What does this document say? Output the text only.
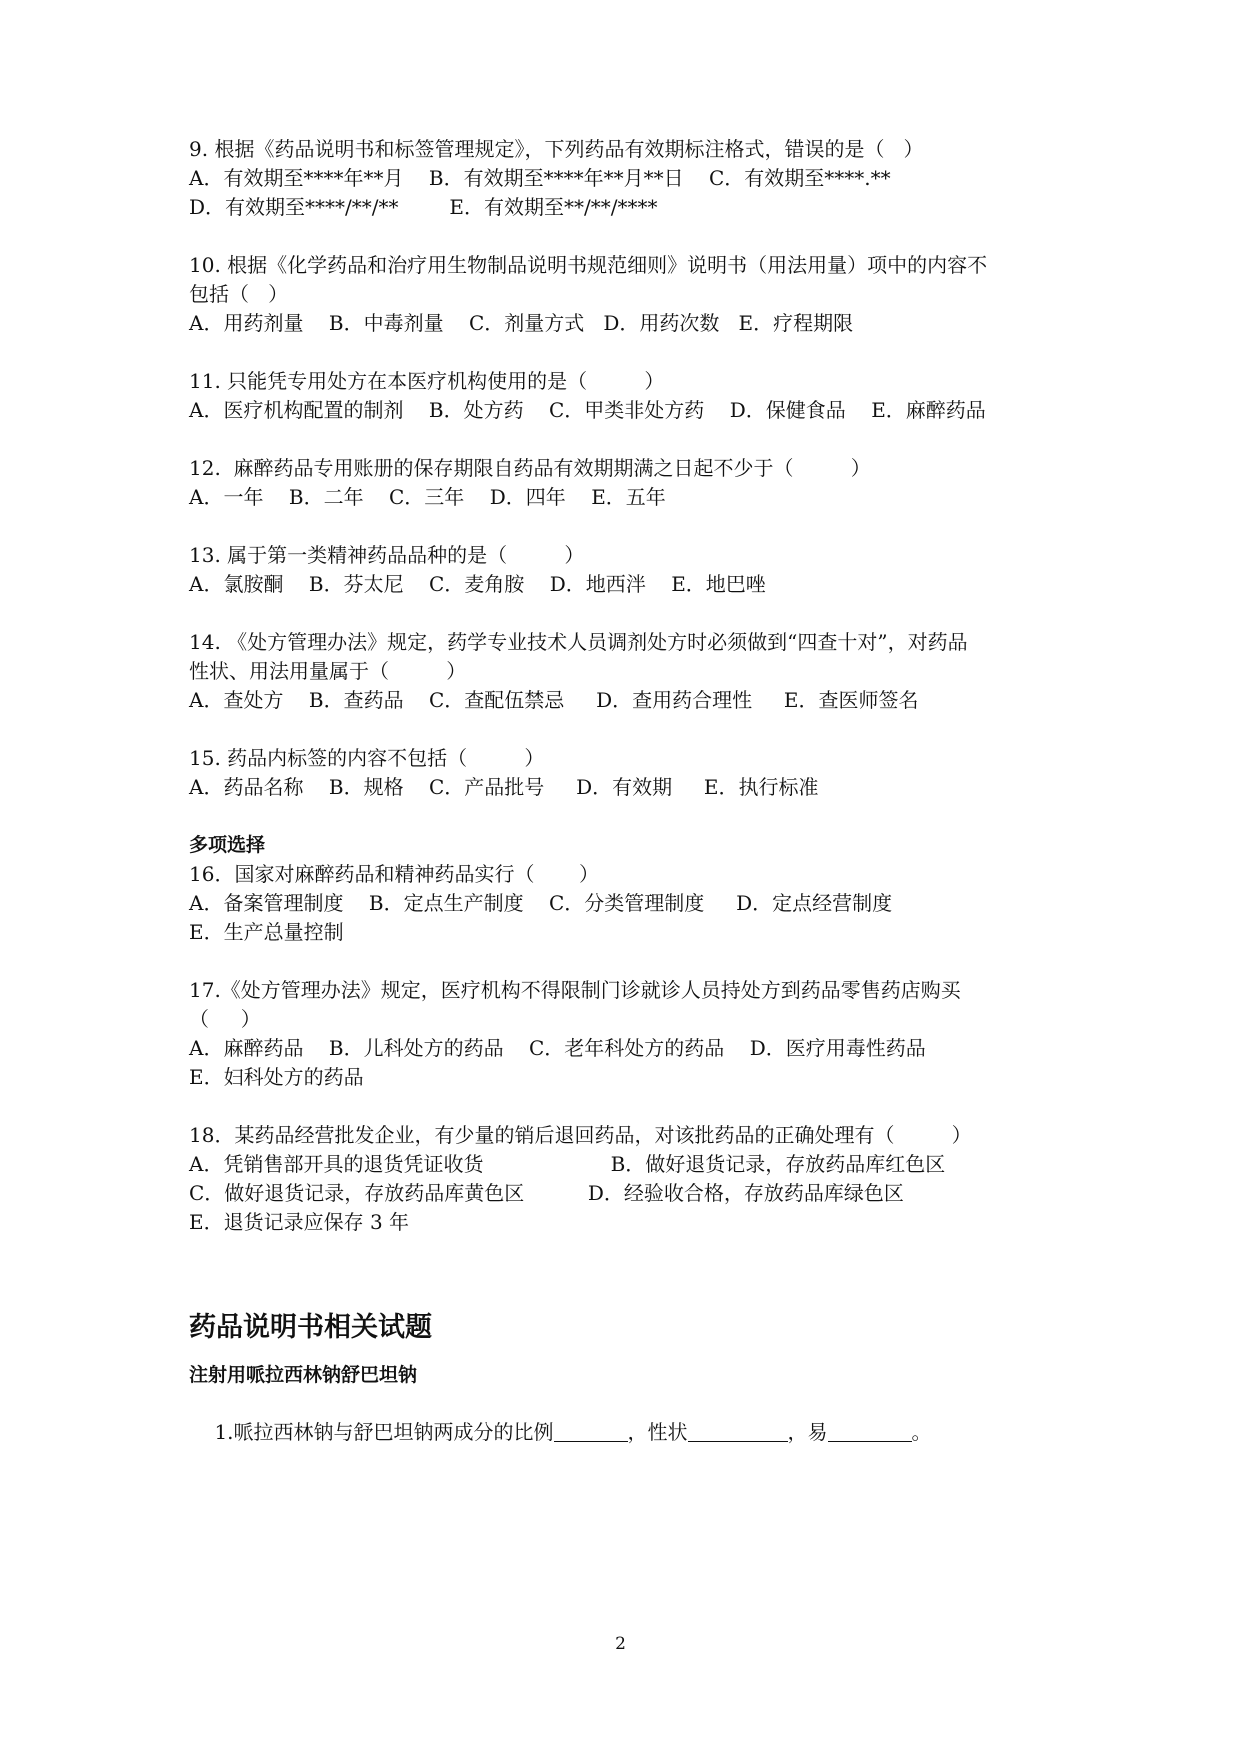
9. 根据《药品说明书和标签管理规定》，下列药品有效期标注格式，错误的是（   ）
A．有效期至****年**月    B．有效期至****年**月**日    C．有效期至****.**
D．有效期至****/**/**        E．有效期至**/**/****
10. 根据《化学药品和治疗用生物制品说明书规范细则》说明书（用法用量）项中的内容不
包括（   ）
A．用药剂量    B．中毒剂量    C．剂量方式   D．用药次数   E．疗程期限
11. 只能凭专用处方在本医疗机构使用的是（         ）
A．医疗机构配置的制剂    B．处方药    C．甲类非处方药    D．保健食品    E．麻醉药品
12.  麻醉药品专用账册的保存期限自药品有效期期满之日起不少于（         ）
A．一年    B．二年    C．三年    D．四年    E．五年
13. 属于第一类精神药品品种的是（         ）
A．氯胺酮    B．芬太尼    C．麦角胺    D．地西泮    E．地巴唑
14. 《处方管理办法》规定，药学专业技术人员调剂处方时必须做到“四查十对”，对药品
性状、用法用量属于（         ）
A．查处方    B．查药品    C．查配伍禁忌     D．查用药合理性     E．查医师签名
15. 药品内标签的内容不包括（         ）
A．药品名称    B．规格    C．产品批号     D．有效期     E．执行标准
多项选择
16．国家对麻醉药品和精神药品实行（       ）
A．备案管理制度    B．定点生产制度    C．分类管理制度     D．定点经营制度
E．生产总量控制
17.《处方管理办法》规定，医疗机构不得限制门诊就诊人员持处方到药品零售药店购买
（     ）
A．麻醉药品    B．儿科处方的药品    C．老年科处方的药品    D．医疗用毒性药品
E．妇科处方的药品
18．某药品经营批发企业，有少量的销后退回药品，对该批药品的正确处理有（         ）
A．凭销售部开具的退货凭证收货                    B．做好退货记录，存放药品库红色区
C．做好退货记录，存放药品库黄色区          D．经验收合格，存放药品库绿色区
E．退货记录应保存 3 年
药品说明书相关试题
注射用哌拉西林钠舒巴坦钠

1.哌拉西林钠与舒巴坦钠两成分的比例	，性状	，易	。

2
